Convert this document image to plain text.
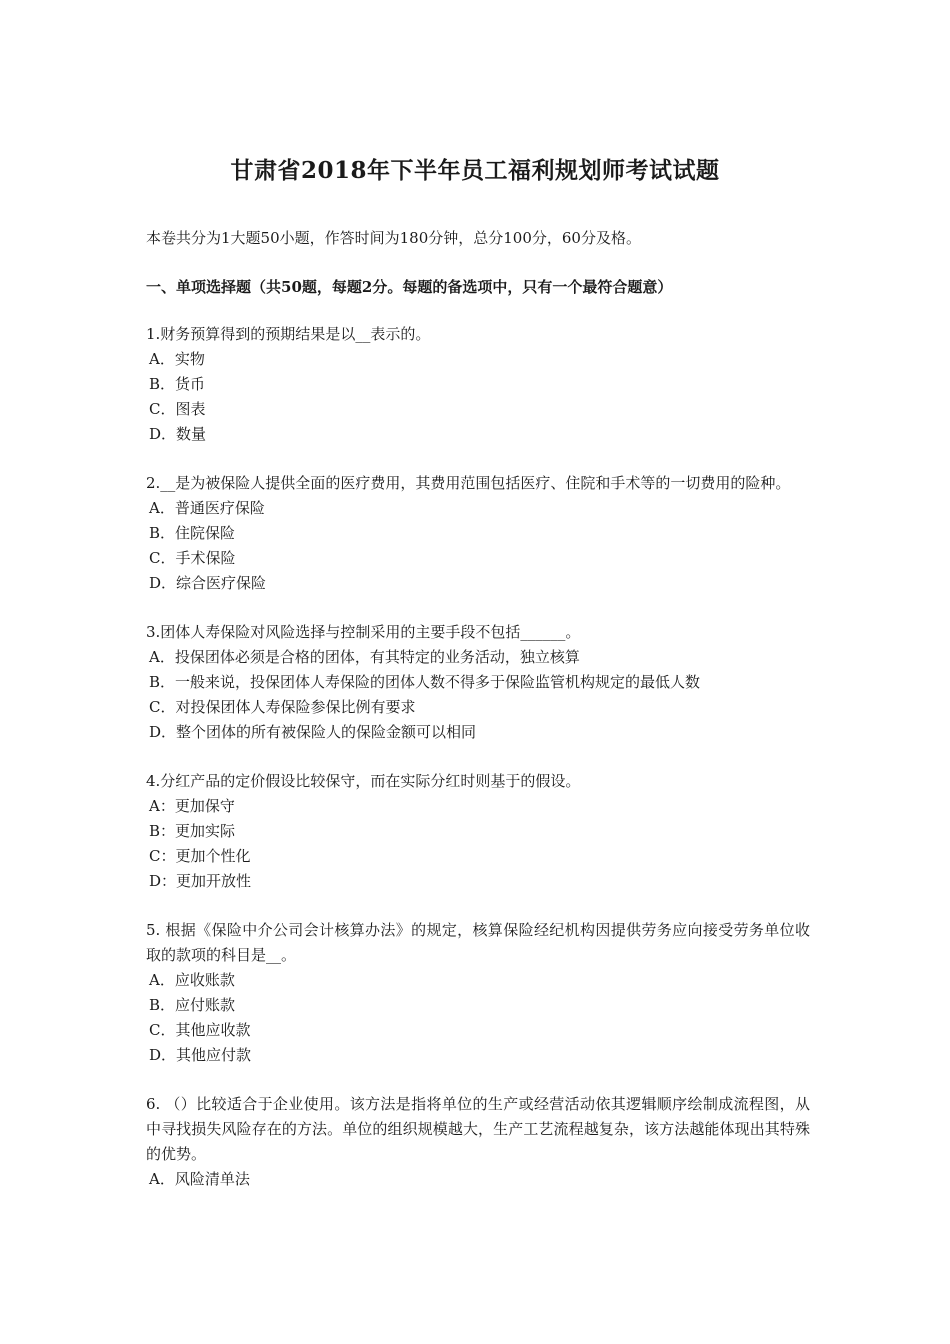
甘肃省2018年下半年员工福利规划师考试试题
本卷共分为1大题50小题，作答时间为180分钟，总分100分，60分及格。
一、单项选择题（共50题，每题2分。每题的备选项中，只有一个最符合题意）
1.财务预算得到的预期结果是以__表示的。
A．实物
B．货币
C．图表
D．数量
2.__是为被保险人提供全面的医疗费用，其费用范围包括医疗、住院和手术等的一切费用的险种。
A．普通医疗保险
B．住院保险
C．手术保险
D．综合医疗保险
3.团体人寿保险对风险选择与控制采用的主要手段不包括______。
A．投保团体必须是合格的团体，有其特定的业务活动，独立核算
B．一般来说，投保团体人寿保险的团体人数不得多于保险监管机构规定的最低人数
C．对投保团体人寿保险参保比例有要求
D．整个团体的所有被保险人的保险金额可以相同
4.分红产品的定价假设比较保守，而在实际分红时则基于的假设。
A：更加保守
B：更加实际
C：更加个性化
D：更加开放性
5. 根据《保险中介公司会计核算办法》的规定，核算保险经纪机构因提供劳务应向接受劳务单位收取的款项的科目是__。
A．应收账款
B．应付账款
C．其他应收款
D．其他应付款
6. （）比较适合于企业使用。该方法是指将单位的生产或经营活动依其逻辑顺序绘制成流程图，从中寻找损失风险存在的方法。单位的组织规模越大，生产工艺流程越复杂，该方法越能体现出其特殊的优势。
A．风险清单法
